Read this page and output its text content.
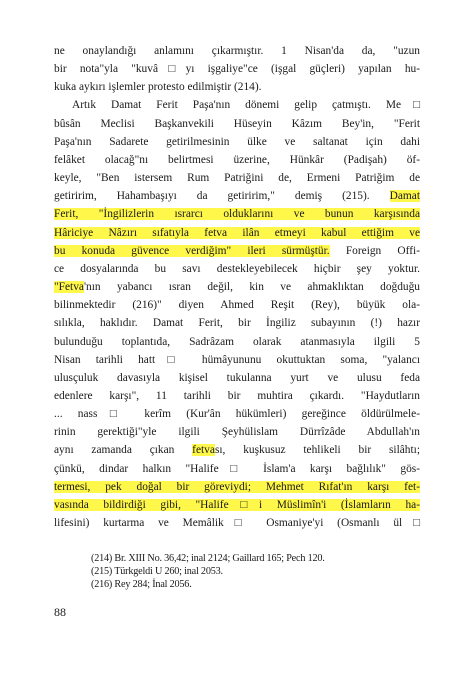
ne onaylandığı anlamını çıkarmıştır. 1 Nisan'da da, "uzun
bir nota"yla "kuvâ□yı işgaliye"ce (işgal güçleri) yapılan hu-
kuka aykırı işlemler protesto edilmiştir (214).
Artık Damat Ferit Paşa'nın dönemi gelip çatmıştı. Me□
bûsân Meclisi Başkanvekili Hüseyin Kâzım Bey'in, "Ferit
Paşa'nın Sadarete getirilmesinin ülke ve saltanat için dahi
felâket olacağ"nı belirtmesi üzerine, Hünkâr (Padişah) öf-
keyle, "Ben istersem Rum Patriğini de, Ermeni Patriğim de
getiririm, Hahambaşıyı da getiririm," demiş (215). Damat
Ferit, "İngilizlerin ısrarcı olduklarını ve bunun karşısında
Hâriciye Nâzırı sıfatıyla fetva ilân etmeyi kabul ettiğim ve
bu konuda güvence verdiğim" ileri sürmüştür. Foreign Offi-
ce dosyalarında bu savı destekleyebilecek hiçbir şey yoktur.
"Fetva'nın yabancı ısran değil, kin ve ahmaklıktan doğduğu
bilinmektedir (216)" diyen Ahmed Reşit (Rey), büyük ola-
sılıkla, haklıdır. Damat Ferit, bir İngiliz subayının (!) hazır
bulunduğu toplantıda, Sadrâzam olarak atanmasıyla ilgili 5
Nisan tarihli hatt□ hümâyununu okuttuktan soma, "yalancı
ulusçuluk davasıyla kişisel tukulanna yurt ve ulusu feda
edenlere karşı", 11 tarihli bir muhtira çıkardı. "Haydutların
... nass□ kerîm (Kur'ân hükümleri) gereğince öldürülmele-
rinin gerektiği"yle ilgili Şeyhülislam Dürrîzâde Abdullah'ın
aynı zamanda çıkan fetvası, kuşkusuz tehlikeli bir silâhtı;
çünkü, dindar halkın "Halife□ İslam'a karşı bağlılık" gös-
termesi, pek doğal bir göreviydi; Mehmet Rıfat'ın karşı fet-
vasında bildirdiği gibi, "Halife□i Müslimîn'i (İslamların ha-
lifesini) kurtarma ve Memâlik□ Osmaniye'yi (Osmanlı ül□
(214) Br. XIII No. 36,42; inal 2124; Gaillard 165; Pech 120.
(215) Türkgeldi U 260; inal 2053.
(216) Rey 284; İnal 2056.
88
